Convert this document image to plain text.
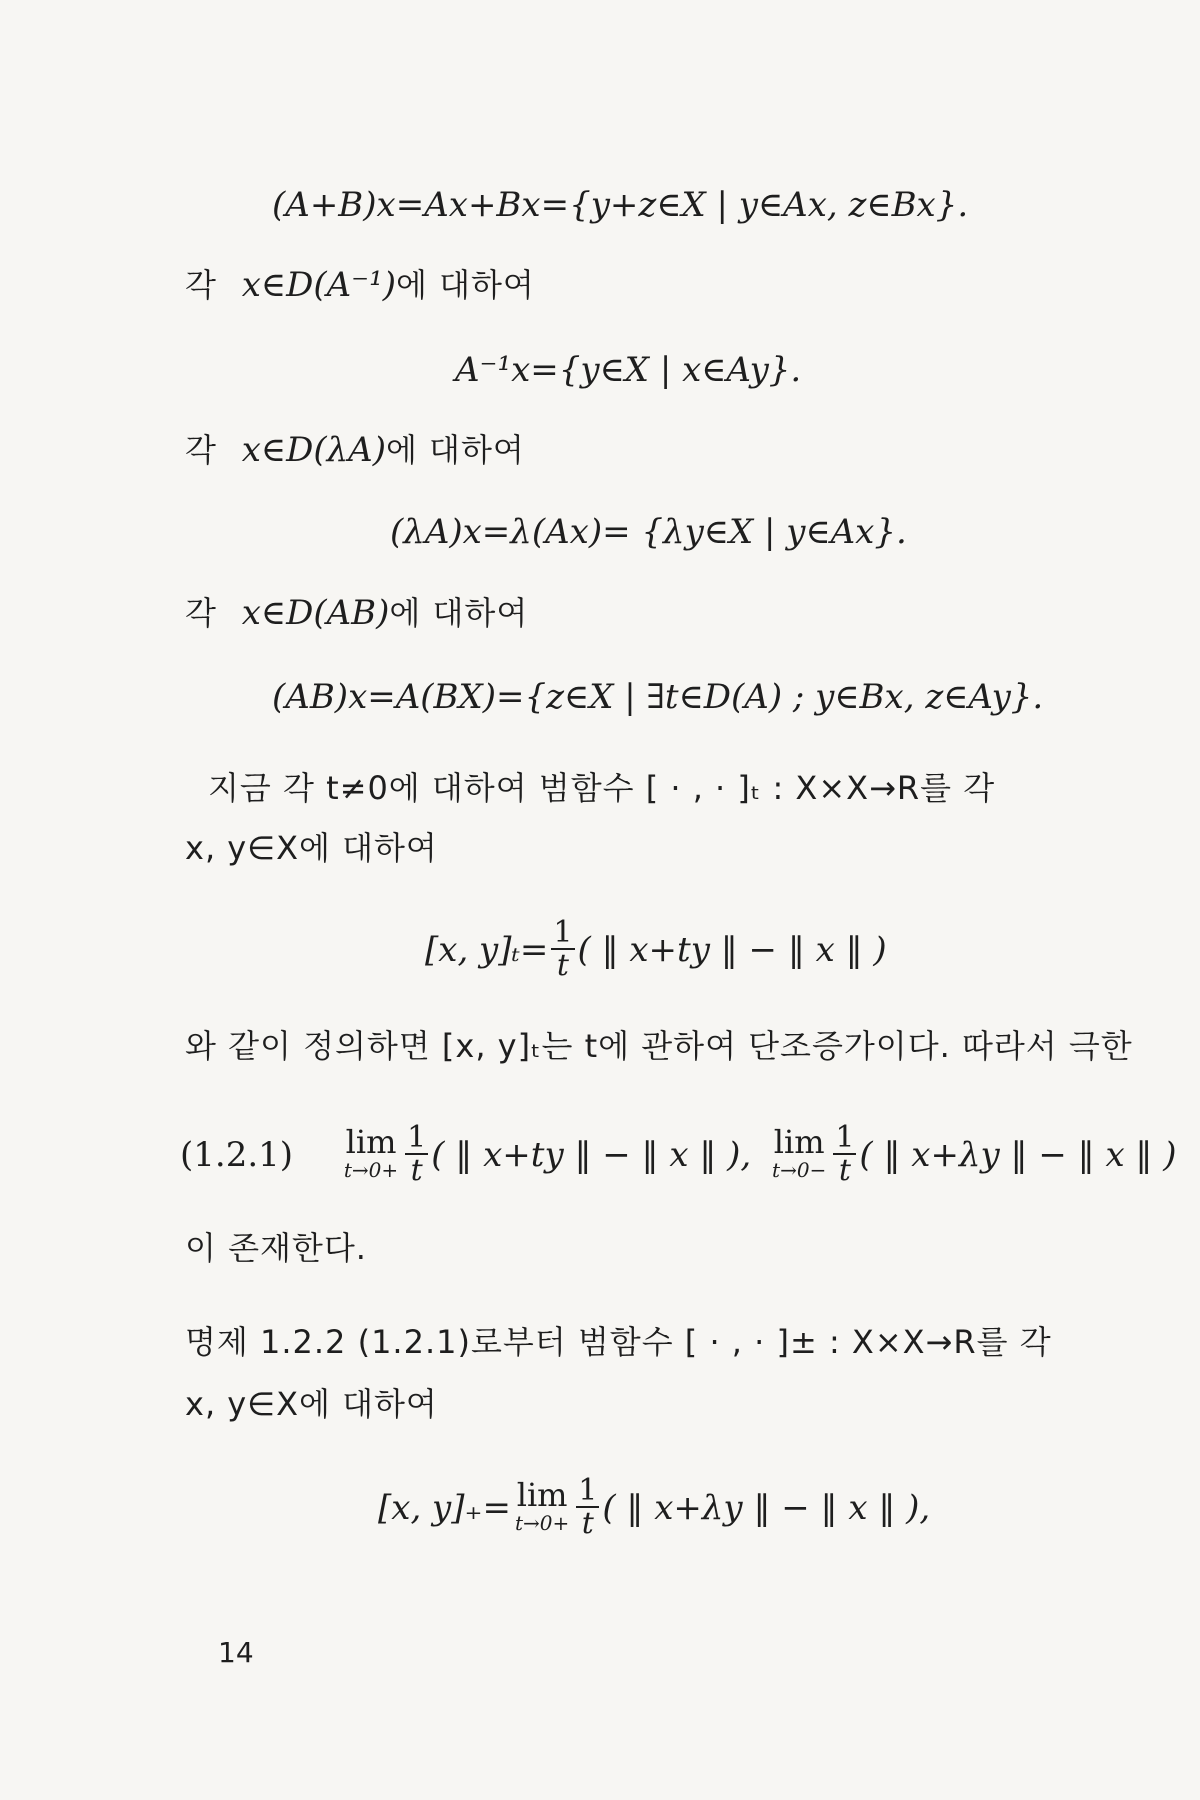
(A+B)x=Ax+Bx={y+z∈X | y∈Ax, z∈Bx}.
각 x∈D(A⁻¹)에 대하여
A⁻¹x={y∈X | x∈Ay}.
각 x∈D(λA)에 대하여
(λA)x=λ(Ax)= {λy∈X | y∈Ax}.
각 x∈D(AB)에 대하여
(AB)x=A(BX)={z∈X | ∃t∈D(A) ; y∈Bx, z∈Ay}.
지금 각 t≠0에 대하여 범함수 [ · , · ]ₜ : X×X→R를 각
x, y∈X에 대하여
[x, $y]_t= \frac{1}{t}$ ( ‖ x+ty ‖ − ‖ x ‖ )
와 같이 정의하면 [x, y]ₜ는 t에 관하여 단조증가이다. 따라서 극한
(1.2.1) lim
$t\to 0+ \frac{1}{t}$ ( ‖ x+ty ‖ − ‖ x ‖ ), lim
$t\to 0- \frac{1}{t}$ ( ‖ x+λy ‖ − ‖ x ‖ )
이 존재한다.
명제 1.2.2 (1.2.1)로부터 범함수 [ · , · ]± : X×X→R를 각
x, y∈X에 대하여
[x, y]₊= lim
$t\to 0+ \frac{1}{t}$ ( ‖ x+λy ‖ − ‖ x ‖ ),
14
